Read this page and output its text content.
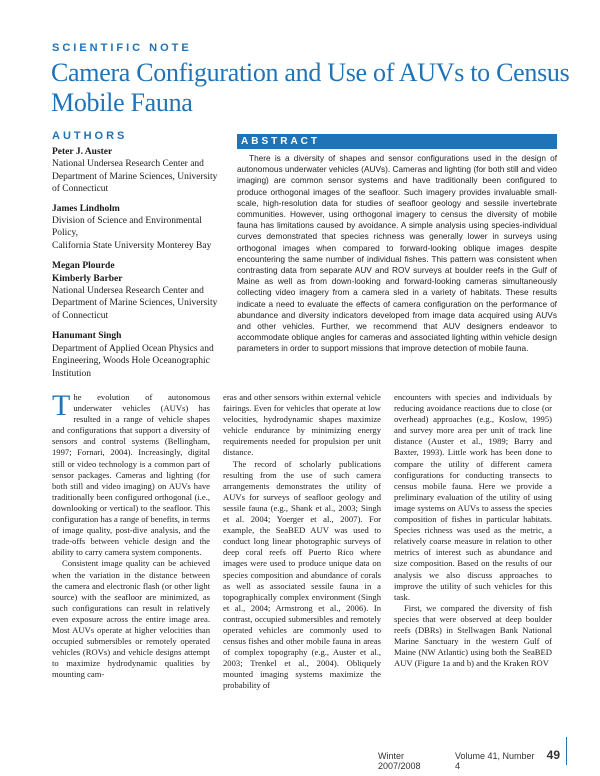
SCIENTIFIC NOTE
Camera Configuration and Use of AUVs to Census Mobile Fauna
AUTHORS
Peter J. Auster
National Undersea Research Center and
Department of Marine Sciences, University
of Connecticut
James Lindholm
Division of Science and Environmental Policy,
California State University Monterey Bay
Megan Plourde
Kimberly Barber
National Undersea Research Center and
Department of Marine Sciences, University
of Connecticut
Hanumant Singh
Department of Applied Ocean Physics and
Engineering, Woods Hole Oceanographic
Institution
ABSTRACT

There is a diversity of shapes and sensor configurations used in the design of autonomous underwater vehicles (AUVs). Cameras and lighting (for both still and video imaging) are common sensor systems and have traditionally been configured to produce orthogonal images of the seafloor. Such imagery provides invaluable small-scale, high-resolution data for studies of seafloor geology and sessile invertebrate communities. However, using orthogonal imagery to census the diversity of mobile fauna has limitations caused by avoidance. A simple analysis using species-individual curves demonstrated that species richness was generally lower in surveys using orthogonal images when compared to forward-looking oblique images despite encountering the same number of individual fishes. This pattern was consistent when contrasting data from separate AUV and ROV surveys at boulder reefs in the Gulf of Maine as well as from down-looking and forward-looking cameras simultaneously collecting video imagery from a camera sled in a variety of habitats. These results indicate a need to evaluate the effects of camera configuration on the performance of abundance and diversity indicators developed from image data acquired using AUVs and other vehicles. Further, we recommend that AUV designers endeavor to accommodate oblique angles for cameras and associated lighting within vehicle design parameters in order to support missions that improve detection of mobile fauna.

The evolution of autonomous underwater vehicles (AUVs) has resulted in a range of vehicle shapes and configurations that support a diversity of sensors and control systems (Bellingham, 1997; Fornari, 2004). Increasingly, digital still or video technology is a common part of sensor packages. Cameras and lighting (for both still and video imaging) on AUVs have traditionally been configured orthogonal (i.e., downlooking or vertical) to the seafloor. This configuration has a range of benefits, in terms of image quality, post-dive analysis, and the trade-offs between vehicle design and the ability to carry camera system components.

Consistent image quality can be achieved when the variation in the distance between the camera and electronic flash (or other light source) with the seafloor are minimized, as such configurations can result in relatively even exposure across the entire image area. Most AUVs operate at higher velocities than occupied submersibles or remotely operated vehicles (ROVs) and vehicle designs attempt to maximize hydrodynamic qualities by mounting cam-

eras and other sensors within external vehicle fairings. Even for vehicles that operate at low velocities, hydrodynamic shapes maximize vehicle endurance by minimizing energy requirements needed for propulsion per unit distance.

The record of scholarly publications resulting from the use of such camera arrangements demonstrates the utility of AUVs for surveys of seafloor geology and sessile fauna (e.g., Shank et al., 2003; Singh et al. 2004; Yoerger et al., 2007). For example, the SeaBED AUV was used to conduct long linear photographic surveys of deep coral reefs off Puerto Rico where images were used to produce unique data on species composition and abundance of corals as well as associated sessile fauna in a topographically complex environment (Singh et al., 2004; Armstrong et al., 2006). In contrast, occupied submersibles and remotely operated vehicles are commonly used to census fishes and other mobile fauna in areas of complex topography (e.g., Auster et al., 2003; Trenkel et al., 2004). Obliquely mounted imaging systems maximize the probability of

encounters with species and individuals by reducing avoidance reactions due to close (or overhead) approaches (e.g., Koslow, 1995) and survey more area per unit of track line distance (Auster et al., 1989; Barry and Baxter, 1993). Little work has been done to compare the utility of different camera configurations for conducting transects to census mobile fauna. Here we provide a preliminary evaluation of the utility of using image systems on AUVs to assess the species composition of fishes in particular habitats. Species richness was used as the metric, a relatively coarse measure in relation to other metrics of interest such as abundance and size composition. Based on the results of our analysis we also discuss approaches to improve the utility of such vehicles for this task.

First, we compared the diversity of fish species that were observed at deep boulder reefs (DBRs) in Stellwagen Bank National Marine Sanctuary in the western Gulf of Maine (NW Atlantic) using both the SeaBED AUV (Figure 1a and b) and the Kraken ROV

Winter 2007/2008
Volume 41, Number 4
49
